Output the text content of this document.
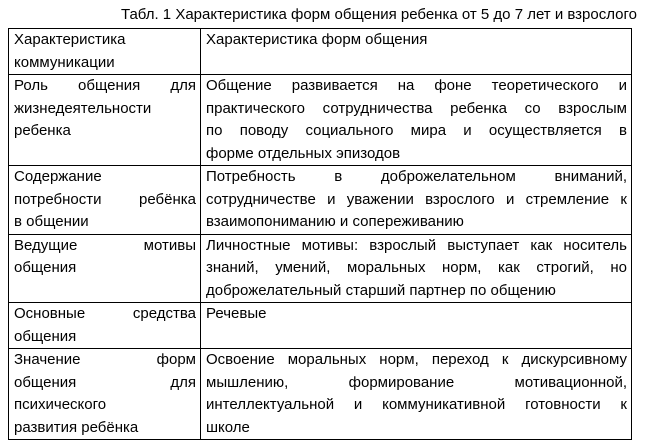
Табл. 1 Характеристика форм общения ребенка от 5 до 7 лет и взрослого
Характеристика
коммуникации	Характеристика форм общения

Роль общения для
жизнедеятельности
ребенка	Общение развивается на фоне теоретического и
практического сотрудничества ребенка со взрослым
по поводу социального мира и осуществляется в
форме отдельных эпизодов

Содержание
потребности ребёнка
в общении	Потребность в доброжелательном вниманий,
сотрудничестве и уважении взрослого и стремление к
взаимопониманию и сопереживанию

Ведущие мотивы
общения	Личностные мотивы: взрослый выступает как носитель
знаний, умений, моральных норм, как строгий, но
доброжелательный старший партнер по общению

Основные средства
общения	Речевые

Значение форм
общения для
психического
развития ребёнка	Освоение моральных норм, переход к дискурсивному
мышлению, формирование мотивационной,
интеллектуальной и коммуникативной готовности к
школе
